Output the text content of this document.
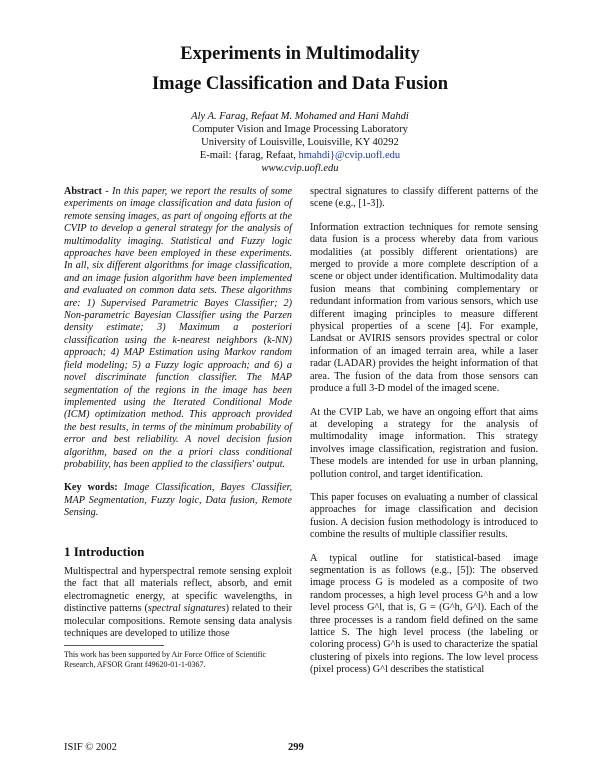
Experiments in Multimodality
Image Classification and Data Fusion
Aly A. Farag, Refaat M. Mohamed and Hani Mahdi
Computer Vision and Image Processing Laboratory
University of Louisville, Louisville, KY 40292
E-mail: {farag, Refaat, hmahdi}@cvip.uofl.edu
www.cvip.uofl.edu

Abstract - In this paper, we report the results of some experiments on image classification and data fusion of remote sensing images, as part of ongoing efforts at the CVIP to develop a general strategy for the analysis of multimodality imaging. Statistical and Fuzzy logic approaches have been employed in these experiments. In all, six different algorithms for image classification, and an image fusion algorithm have been implemented and evaluated on common data sets. These algorithms are: 1) Supervised Parametric Bayes Classifier; 2) Non-parametric Bayesian Classifier using the Parzen density estimate; 3) Maximum a posteriori classification using the k-nearest neighbors (k-NN) approach; 4) MAP Estimation using Markov random field modeling; 5) a Fuzzy logic approach; and 6) a novel discriminate function classifier. The MAP segmentation of the regions in the image has been implemented using the Iterated Conditional Mode (ICM) optimization method. This approach provided the best results, in terms of the minimum probability of error and best reliability. A novel decision fusion algorithm, based on the a priori class conditional probability, has been applied to the classifiers' output.

Key words: Image Classification, Bayes Classifier, MAP Segmentation, Fuzzy logic, Data fusion, Remote Sensing.

1 Introduction
Multispectral and hyperspectral remote sensing exploit the fact that all materials reflect, absorb, and emit electromagnetic energy, at specific wavelengths, in distinctive patterns (spectral signatures) related to their molecular compositions. Remote sensing data analysis techniques are developed to utilize those
This work has been supported by Air Force Office of Scientific Research, AFSOR Grant f49620-01-1-0367.

spectral signatures to classify different patterns of the scene (e.g., [1-3]).

Information extraction techniques for remote sensing data fusion is a process whereby data from various modalities (at possibly different orientations) are merged to provide a more complete description of a scene or object under identification. Multimodality data fusion means that combining complementary or redundant information from various sensors, which use different imaging principles to measure different physical properties of a scene [4]. For example, Landsat or AVIRIS sensors provides spectral or color information of an imaged terrain area, while a laser radar (LADAR) provides the height information of that area. The fusion of the data from those sensors can produce a full 3-D model of the imaged scene.

At the CVIP Lab, we have an ongoing effort that aims at developing a strategy for the analysis of multimodality image information. This strategy involves image classification, registration and fusion. These models are intended for use in urban planning, pollution control, and target identification.

This paper focuses on evaluating a number of classical approaches for image classification and decision fusion. A decision fusion methodology is introduced to combine the results of multiple classifier results.

A typical outline for statistical-based image segmentation is as follows (e.g., [5]): The observed image process G is modeled as a composite of two random processes, a high level process G^h and a low level process G^l, that is, G = (G^h, G^l). Each of the three processes is a random field defined on the same lattice S. The high level process (the labeling or coloring process) G^h is used to characterize the spatial clustering of pixels into regions. The low level process (pixel process) G^l describes the statistical

ISIF © 2002	299
